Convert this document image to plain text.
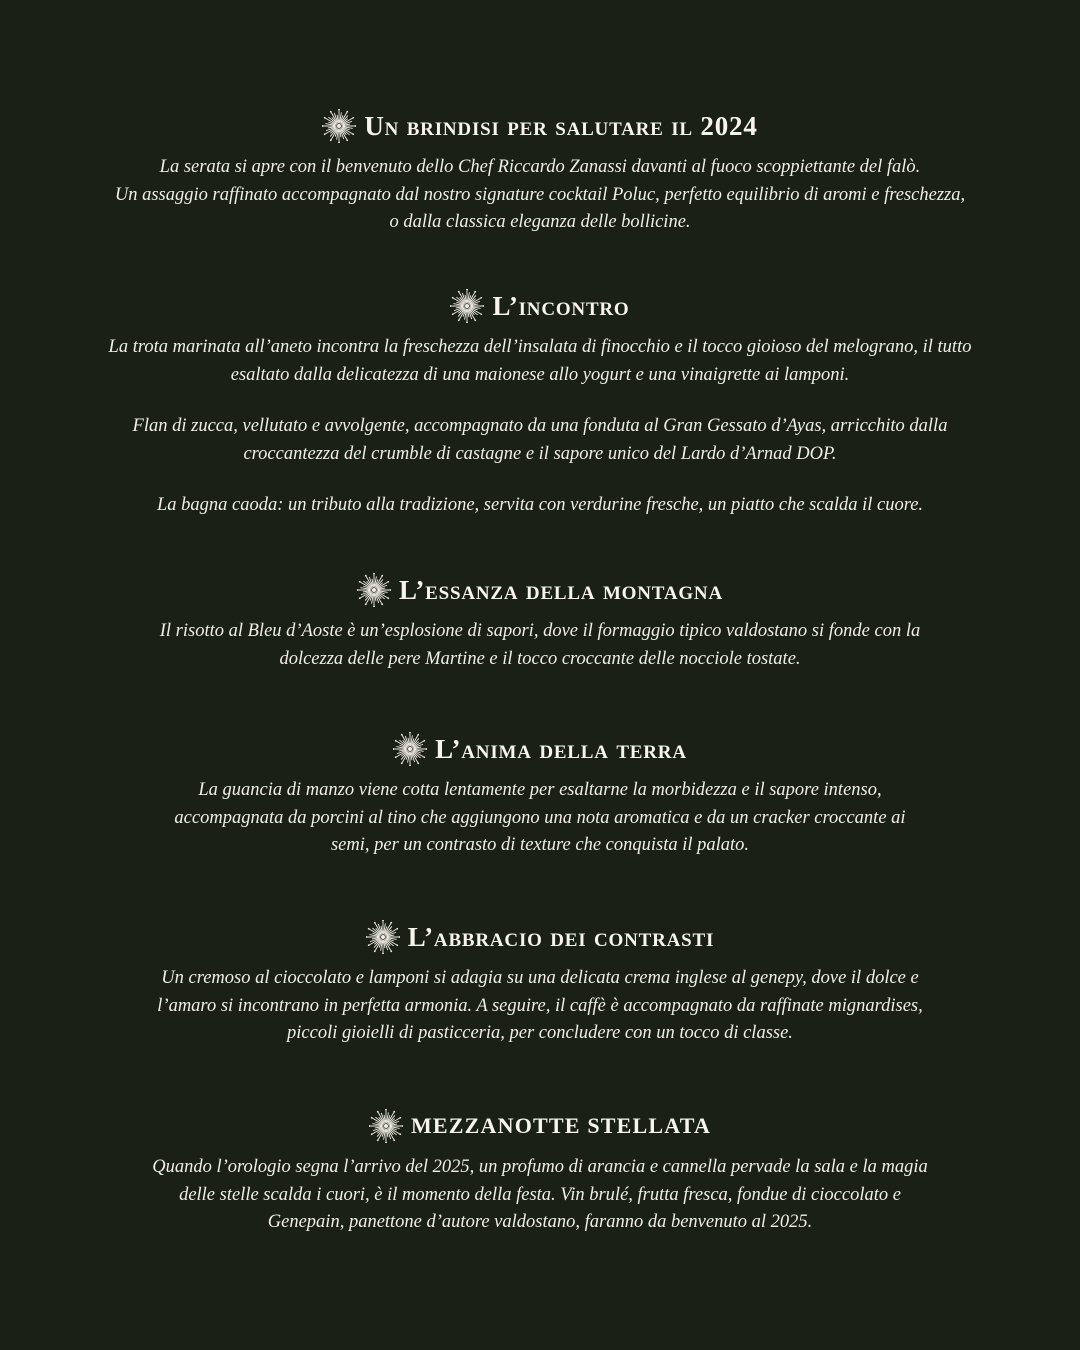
Un brindisi per salutare il 2024

La serata si apre con il benvenuto dello Chef Riccardo Zanassi davanti al fuoco scoppiettante del falò.
Un assaggio raffinato accompagnato dal nostro signature cocktail Poluc, perfetto equilibrio di aromi e freschezza,
o dalla classica eleganza delle bollicine.

L’incontro

La trota marinata all’aneto incontra la freschezza dell’insalata di finocchio e il tocco gioioso del melograno, il tutto
esaltato dalla delicatezza di una maionese allo yogurt e una vinaigrette ai lamponi.

Flan di zucca, vellutato e avvolgente, accompagnato da una fonduta al Gran Gessato d’Ayas, arricchito dalla
croccantezza del crumble di castagne e il sapore unico del Lardo d’Arnad DOP.

La bagna caoda: un tributo alla tradizione, servita con verdurine fresche, un piatto che scalda il cuore.

L’essanza della montagna

Il risotto al Bleu d’Aoste è un’esplosione di sapori, dove il formaggio tipico valdostano si fonde con la
dolcezza delle pere Martine e il tocco croccante delle nocciole tostate.

L’anima della terra

La guancia di manzo viene cotta lentamente per esaltarne la morbidezza e il sapore intenso,
accompagnata da porcini al tino che aggiungono una nota aromatica e da un cracker croccante ai
semi, per un contrasto di texture che conquista il palato.

L’abbracio dei contrasti

Un cremoso al cioccolato e lamponi si adagia su una delicata crema inglese al genepy, dove il dolce e
l’amaro si incontrano in perfetta armonia. A seguire, il caffè è accompagnato da raffinate mignardises,
piccoli gioielli di pasticceria, per concludere con un tocco di classe.

MEZZANOTTE STELLATA

Quando l’orologio segna l’arrivo del 2025, un profumo di arancia e cannella pervade la sala e la magia
delle stelle scalda i cuori, è il momento della festa. Vin brulé, frutta fresca, fondue di cioccolato e
Genepain, panettone d’autore valdostano, faranno da benvenuto al 2025.
